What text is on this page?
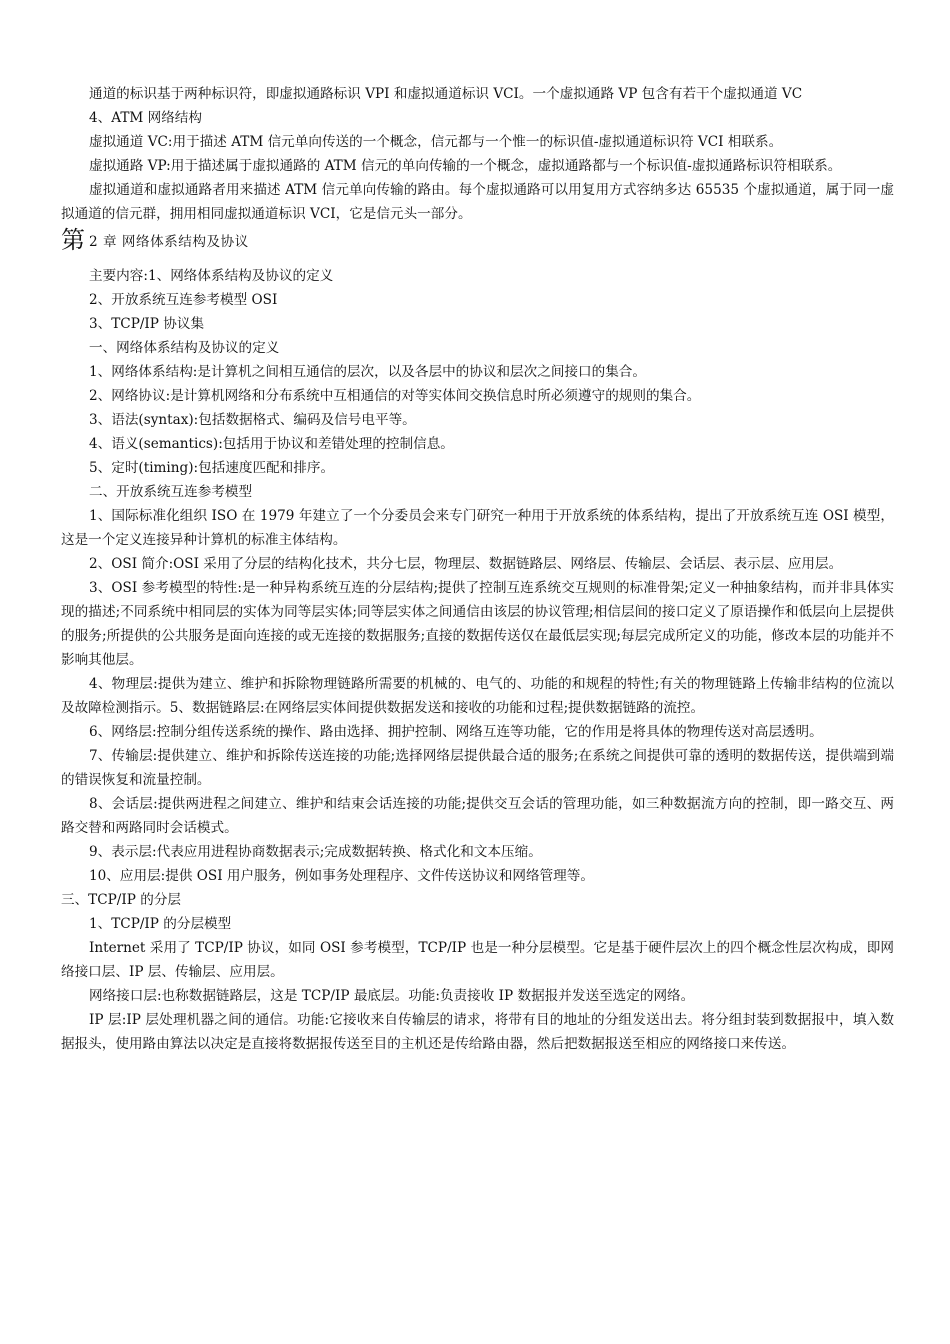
通道的标识基于两种标识符，即虚拟通路标识 VPI 和虚拟通道标识 VCI。一个虚拟通路 VP 包含有若干个虚拟通道 VC

4、ATM 网络结构

虚拟通道 VC:用于描述 ATM 信元单向传送的一个概念，信元都与一个惟一的标识值-虚拟通道标识符 VCI 相联系。

虚拟通路 VP:用于描述属于虚拟通路的 ATM 信元的单向传输的一个概念，虚拟通路都与一个标识值-虚拟通路标识符相联系。

虚拟通道和虚拟通路者用来描述 ATM 信元单向传输的路由。每个虚拟通路可以用复用方式容纳多达 65535 个虚拟通道，属于同一虚拟通道的信元群，拥用相同虚拟通道标识 VCI，它是信元头一部分。

第 2 章 网络体系结构及协议

主要内容:1、网络体系结构及协议的定义

2、开放系统互连参考模型 OSI

3、TCP/IP 协议集

一、网络体系结构及协议的定义

1、网络体系结构:是计算机之间相互通信的层次，以及各层中的协议和层次之间接口的集合。

2、网络协议:是计算机网络和分布系统中互相通信的对等实体间交换信息时所必须遵守的规则的集合。

3、语法(syntax):包括数据格式、编码及信号电平等。

4、语义(semantics):包括用于协议和差错处理的控制信息。

5、定时(timing):包括速度匹配和排序。

二、开放系统互连参考模型

1、国际标准化组织 ISO 在 1979 年建立了一个分委员会来专门研究一种用于开放系统的体系结构，提出了开放系统互连 OSI 模型，这是一个定义连接异种计算机的标准主体结构。

2、OSI 简介:OSI 采用了分层的结构化技术，共分七层，物理层、数据链路层、网络层、传输层、会话层、表示层、应用层。

3、OSI 参考模型的特性:是一种异构系统互连的分层结构;提供了控制互连系统交互规则的标准骨架;定义一种抽象结构，而并非具体实现的描述;不同系统中相同层的实体为同等层实体;同等层实体之间通信由该层的协议管理;相信层间的接口定义了原语操作和低层向上层提供的服务;所提供的公共服务是面向连接的或无连接的数据服务;直接的数据传送仅在最低层实现;每层完成所定义的功能，修改本层的功能并不影响其他层。

4、物理层:提供为建立、维护和拆除物理链路所需要的机械的、电气的、功能的和规程的特性;有关的物理链路上传输非结构的位流以及故障检测指示。5、数据链路层:在网络层实体间提供数据发送和接收的功能和过程;提供数据链路的流控。

6、网络层:控制分组传送系统的操作、路由选择、拥护控制、网络互连等功能，它的作用是将具体的物理传送对高层透明。

7、传输层:提供建立、维护和拆除传送连接的功能;选择网络层提供最合适的服务;在系统之间提供可靠的透明的数据传送，提供端到端的错误恢复和流量控制。

8、会话层:提供两进程之间建立、维护和结束会话连接的功能;提供交互会话的管理功能，如三种数据流方向的控制，即一路交互、两路交替和两路同时会话模式。

9、表示层:代表应用进程协商数据表示;完成数据转换、格式化和文本压缩。

10、应用层:提供 OSI 用户服务，例如事务处理程序、文件传送协议和网络管理等。

三、TCP/IP 的分层

1、TCP/IP 的分层模型

Internet 采用了 TCP/IP 协议，如同 OSI 参考模型，TCP/IP 也是一种分层模型。它是基于硬件层次上的四个概念性层次构成，即网络接口层、IP 层、传输层、应用层。

网络接口层:也称数据链路层，这是 TCP/IP 最底层。功能:负责接收 IP 数据报并发送至选定的网络。

IP 层:IP 层处理机器之间的通信。功能:它接收来自传输层的请求，将带有目的地址的分组发送出去。将分组封装到数据报中，填入数据报头，使用路由算法以决定是直接将数据报传送至目的主机还是传给路由器，然后把数据报送至相应的网络接口来传送。
